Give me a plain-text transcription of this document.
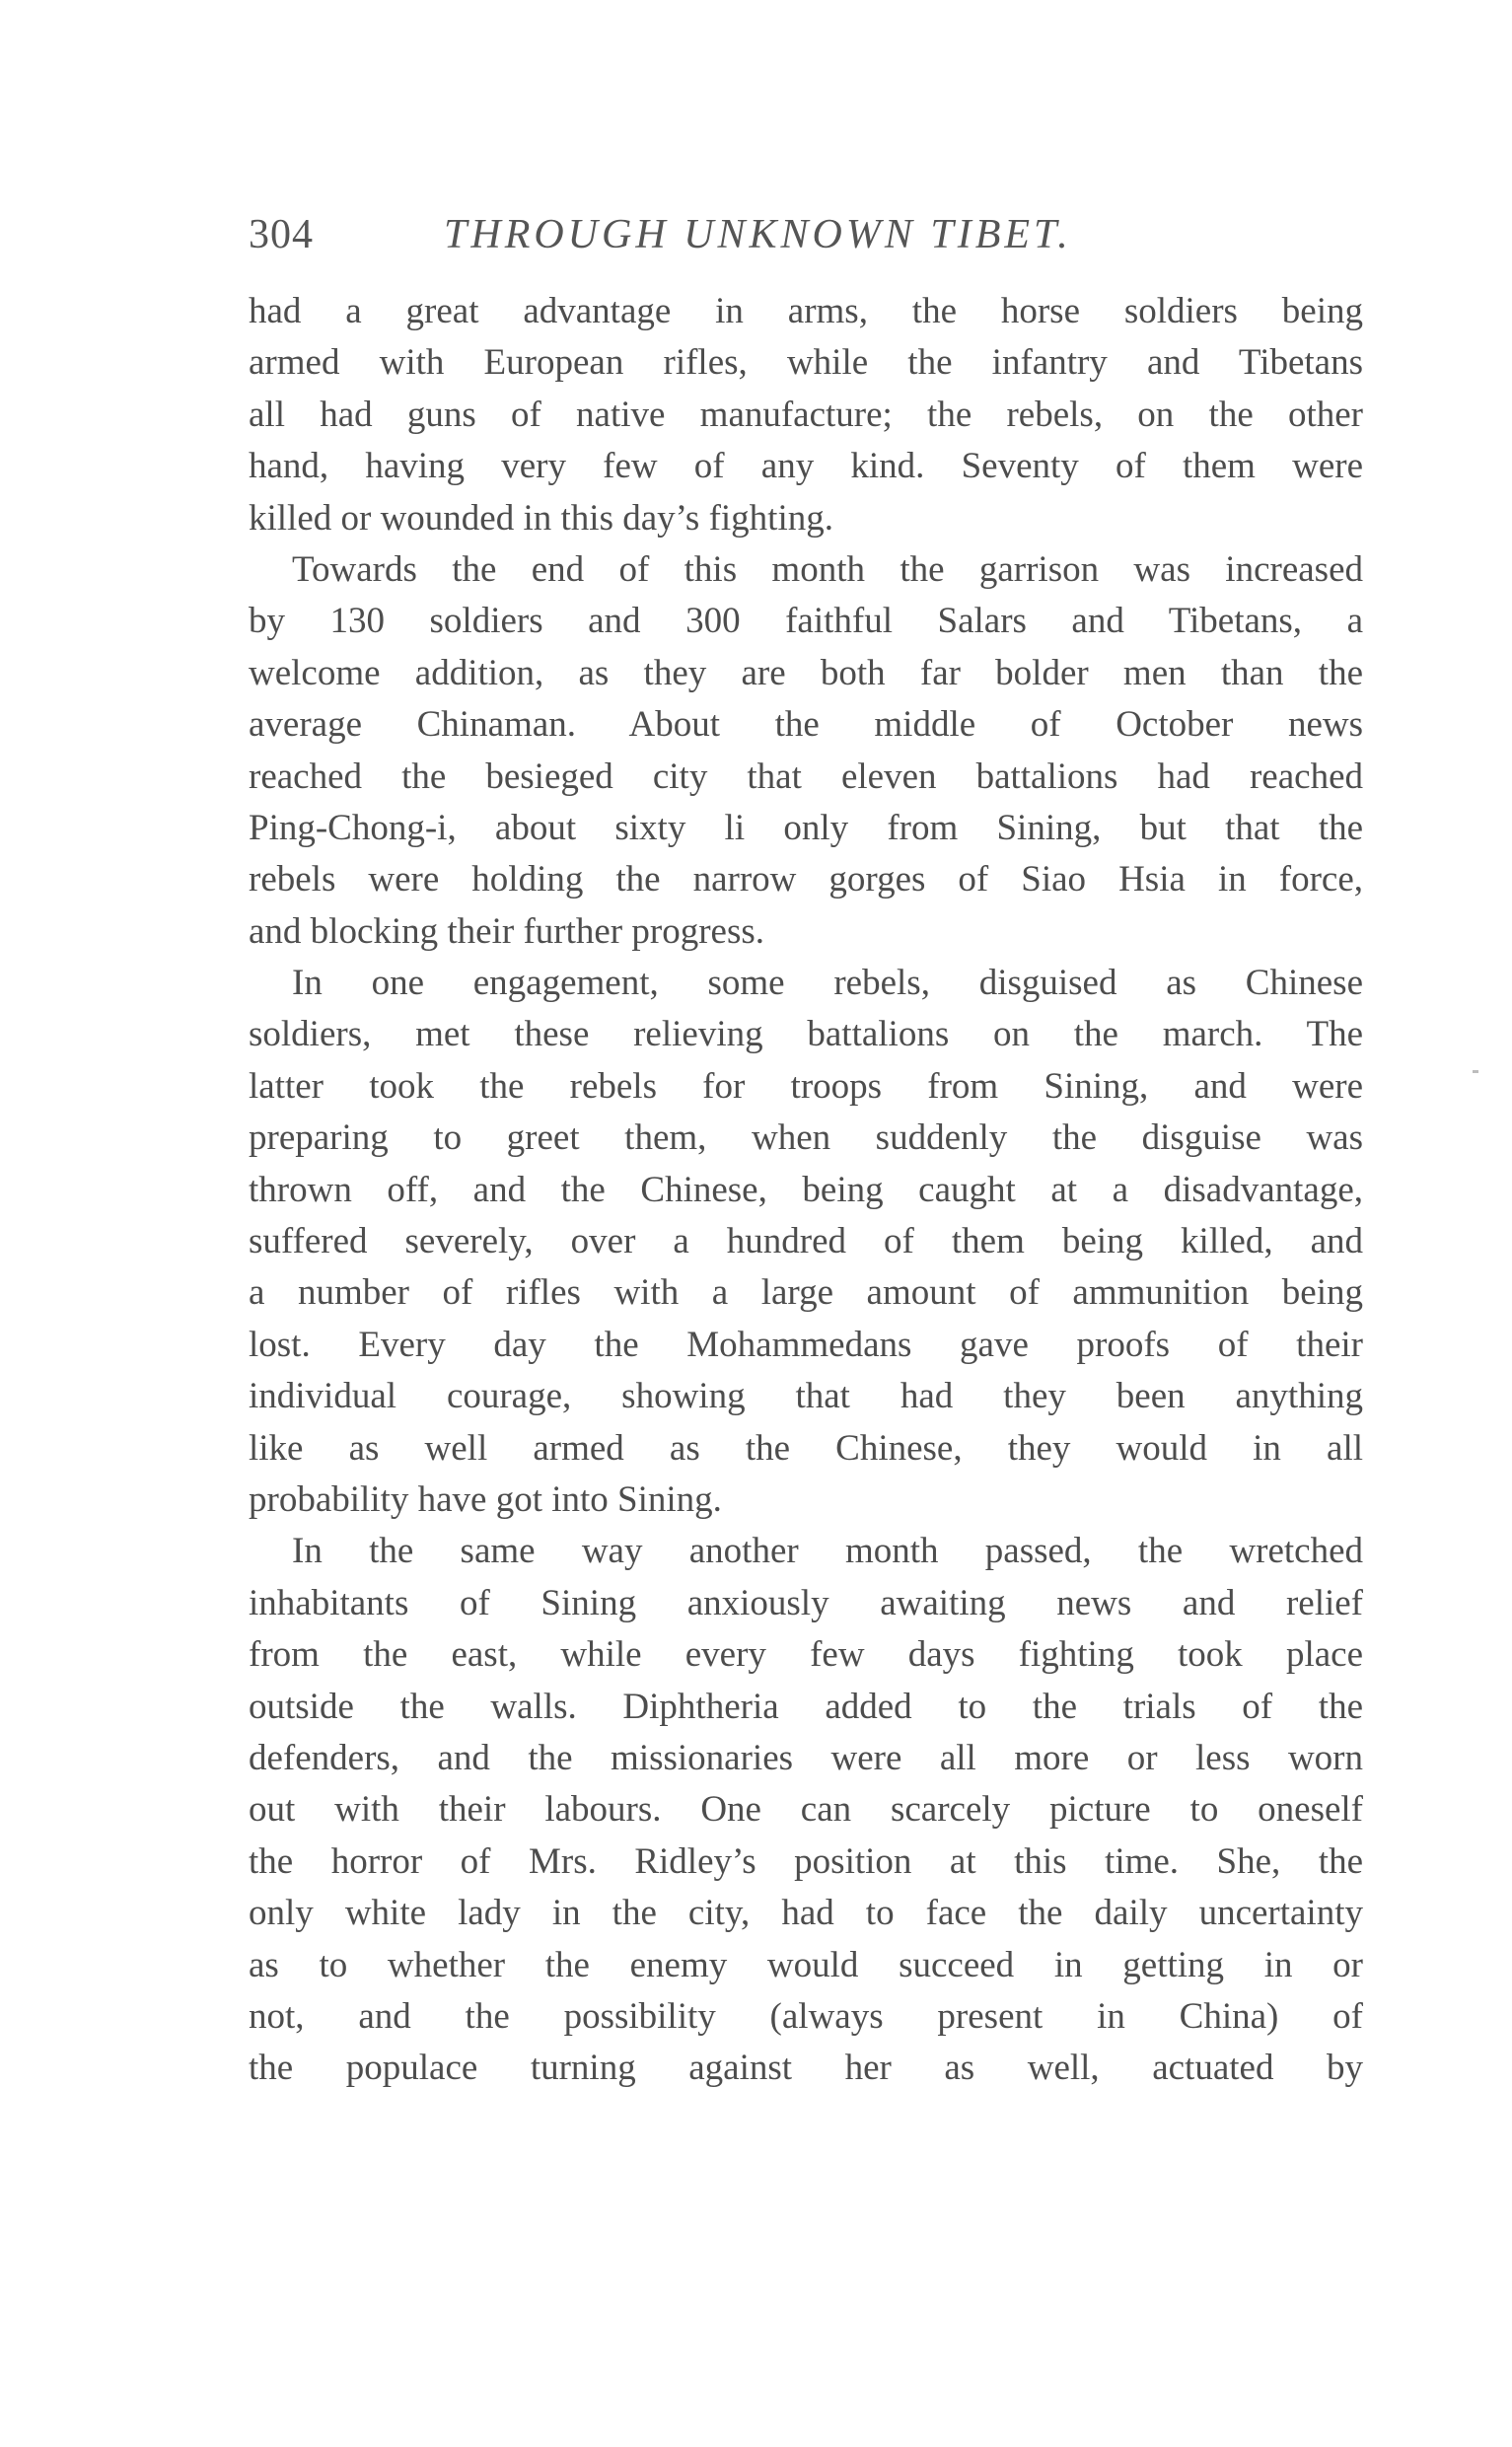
304	THROUGH UNKNOWN TIBET.
had a great advantage in arms, the horse soldiers being
armed with European rifles, while the infantry and Tibetans
all had guns of native manufacture; the rebels, on the other
hand, having very few of any kind. Seventy of them were
killed or wounded in this day’s fighting.
Towards the end of this month the garrison was increased
by 130 soldiers and 300 faithful Salars and Tibetans, a
welcome addition, as they are both far bolder men than the
average Chinaman. About the middle of October news
reached the besieged city that eleven battalions had reached
Ping-Chong-i, about sixty li only from Sining, but that the
rebels were holding the narrow gorges of Siao Hsia in force,
and blocking their further progress.
In one engagement, some rebels, disguised as Chinese
soldiers, met these relieving battalions on the march. The
latter took the rebels for troops from Sining, and were
preparing to greet them, when suddenly the disguise was
thrown off, and the Chinese, being caught at a disadvantage,
suffered severely, over a hundred of them being killed, and
a number of rifles with a large amount of ammunition being
lost. Every day the Mohammedans gave proofs of their
individual courage, showing that had they been anything
like as well armed as the Chinese, they would in all
probability have got into Sining.
In the same way another month passed, the wretched
inhabitants of Sining anxiously awaiting news and relief
from the east, while every few days fighting took place
outside the walls. Diphtheria added to the trials of the
defenders, and the missionaries were all more or less worn
out with their labours. One can scarcely picture to oneself
the horror of Mrs. Ridley’s position at this time. She, the
only white lady in the city, had to face the daily uncertainty
as to whether the enemy would succeed in getting in or
not, and the possibility (always present in China) of
the populace turning against her as well, actuated by
